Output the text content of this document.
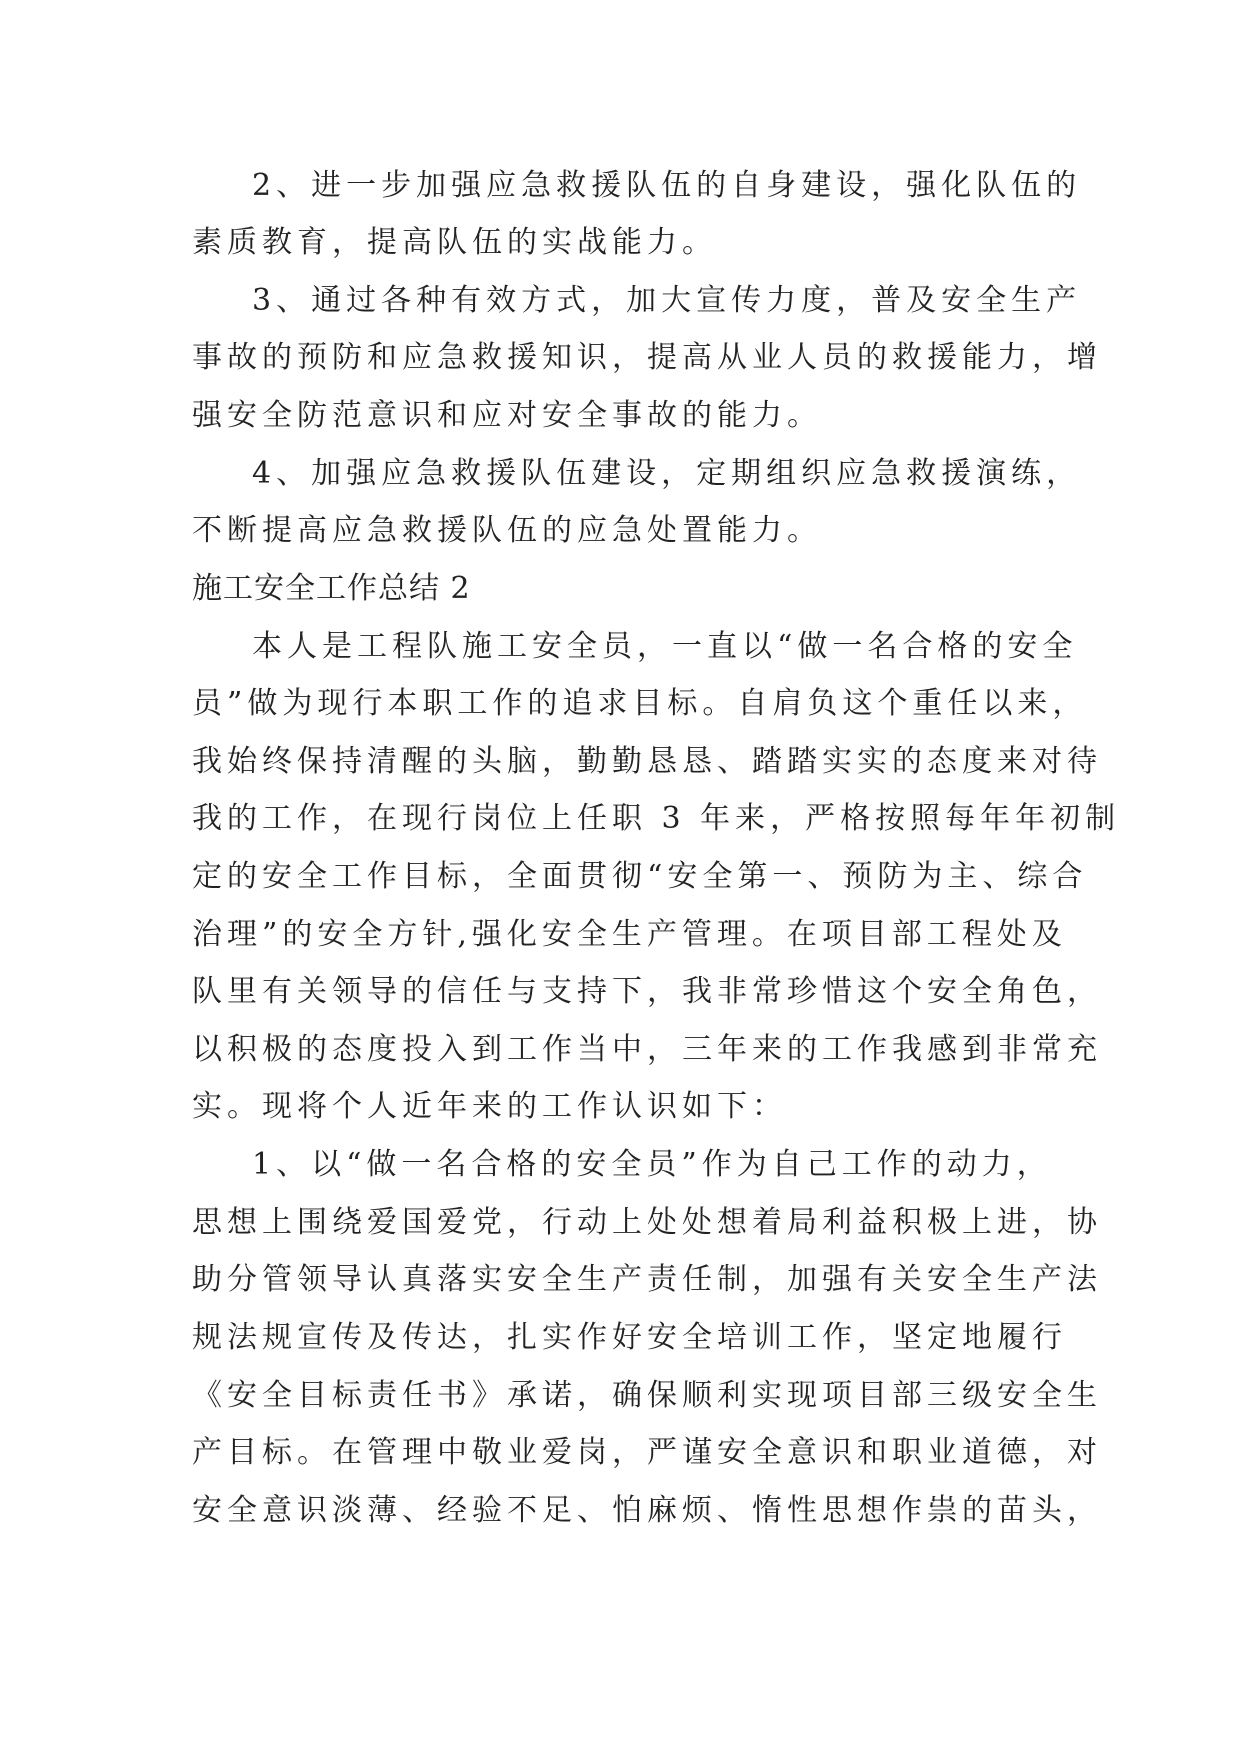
2、进一步加强应急救援队伍的自身建设，强化队伍的
素质教育，提高队伍的实战能力。
3、通过各种有效方式，加大宣传力度，普及安全生产
事故的预防和应急救援知识，提高从业人员的救援能力，增
强安全防范意识和应对安全事故的能力。
4、加强应急救援队伍建设，定期组织应急救援演练，
不断提高应急救援队伍的应急处置能力。
施工安全工作总结 2
本人是工程队施工安全员，一直以“做一名合格的安全
员”做为现行本职工作的追求目标。自肩负这个重任以来，
我始终保持清醒的头脑，勤勤恳恳、踏踏实实的态度来对待
我的工作，在现行岗位上任职 3 年来，严格按照每年年初制
定的安全工作目标，全面贯彻“安全第一、预防为主、综合
治理”的安全方针,强化安全生产管理。在项目部工程处及
队里有关领导的信任与支持下，我非常珍惜这个安全角色，
以积极的态度投入到工作当中，三年来的工作我感到非常充
实。现将个人近年来的工作认识如下：
1、以“做一名合格的安全员”作为自己工作的动力，
思想上围绕爱国爱党，行动上处处想着局利益积极上进，协
助分管领导认真落实安全生产责任制，加强有关安全生产法
规法规宣传及传达，扎实作好安全培训工作，坚定地履行
《安全目标责任书》承诺，确保顺利实现项目部三级安全生
产目标。在管理中敬业爱岗，严谨安全意识和职业道德，对
安全意识淡薄、经验不足、怕麻烦、惰性思想作祟的苗头，
